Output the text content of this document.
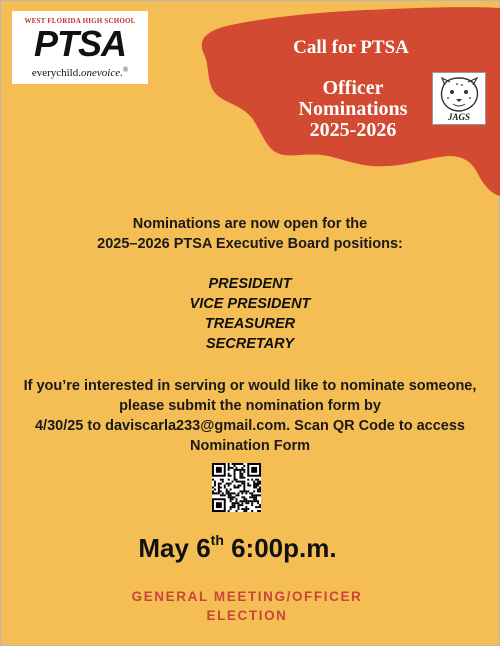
WEST FLORIDA HIGH SCHOOL
PTSA
everychild.onevoice.®
Call for PTSA
Officer
Nominations
2025-2026
JAGS
Nominations are now open for the
2025–2026 PTSA Executive Board positions:
PRESIDENT
VICE PRESIDENT
TREASURER
SECRETARY
If you’re interested in serving or would like to nominate someone,
please submit the nomination form by
4/30/25 to daviscarla233@gmail.com. Scan QR Code to access
Nomination Form
May 6th 6:00p.m.
GENERAL MEETING/OFFICER
ELECTION
